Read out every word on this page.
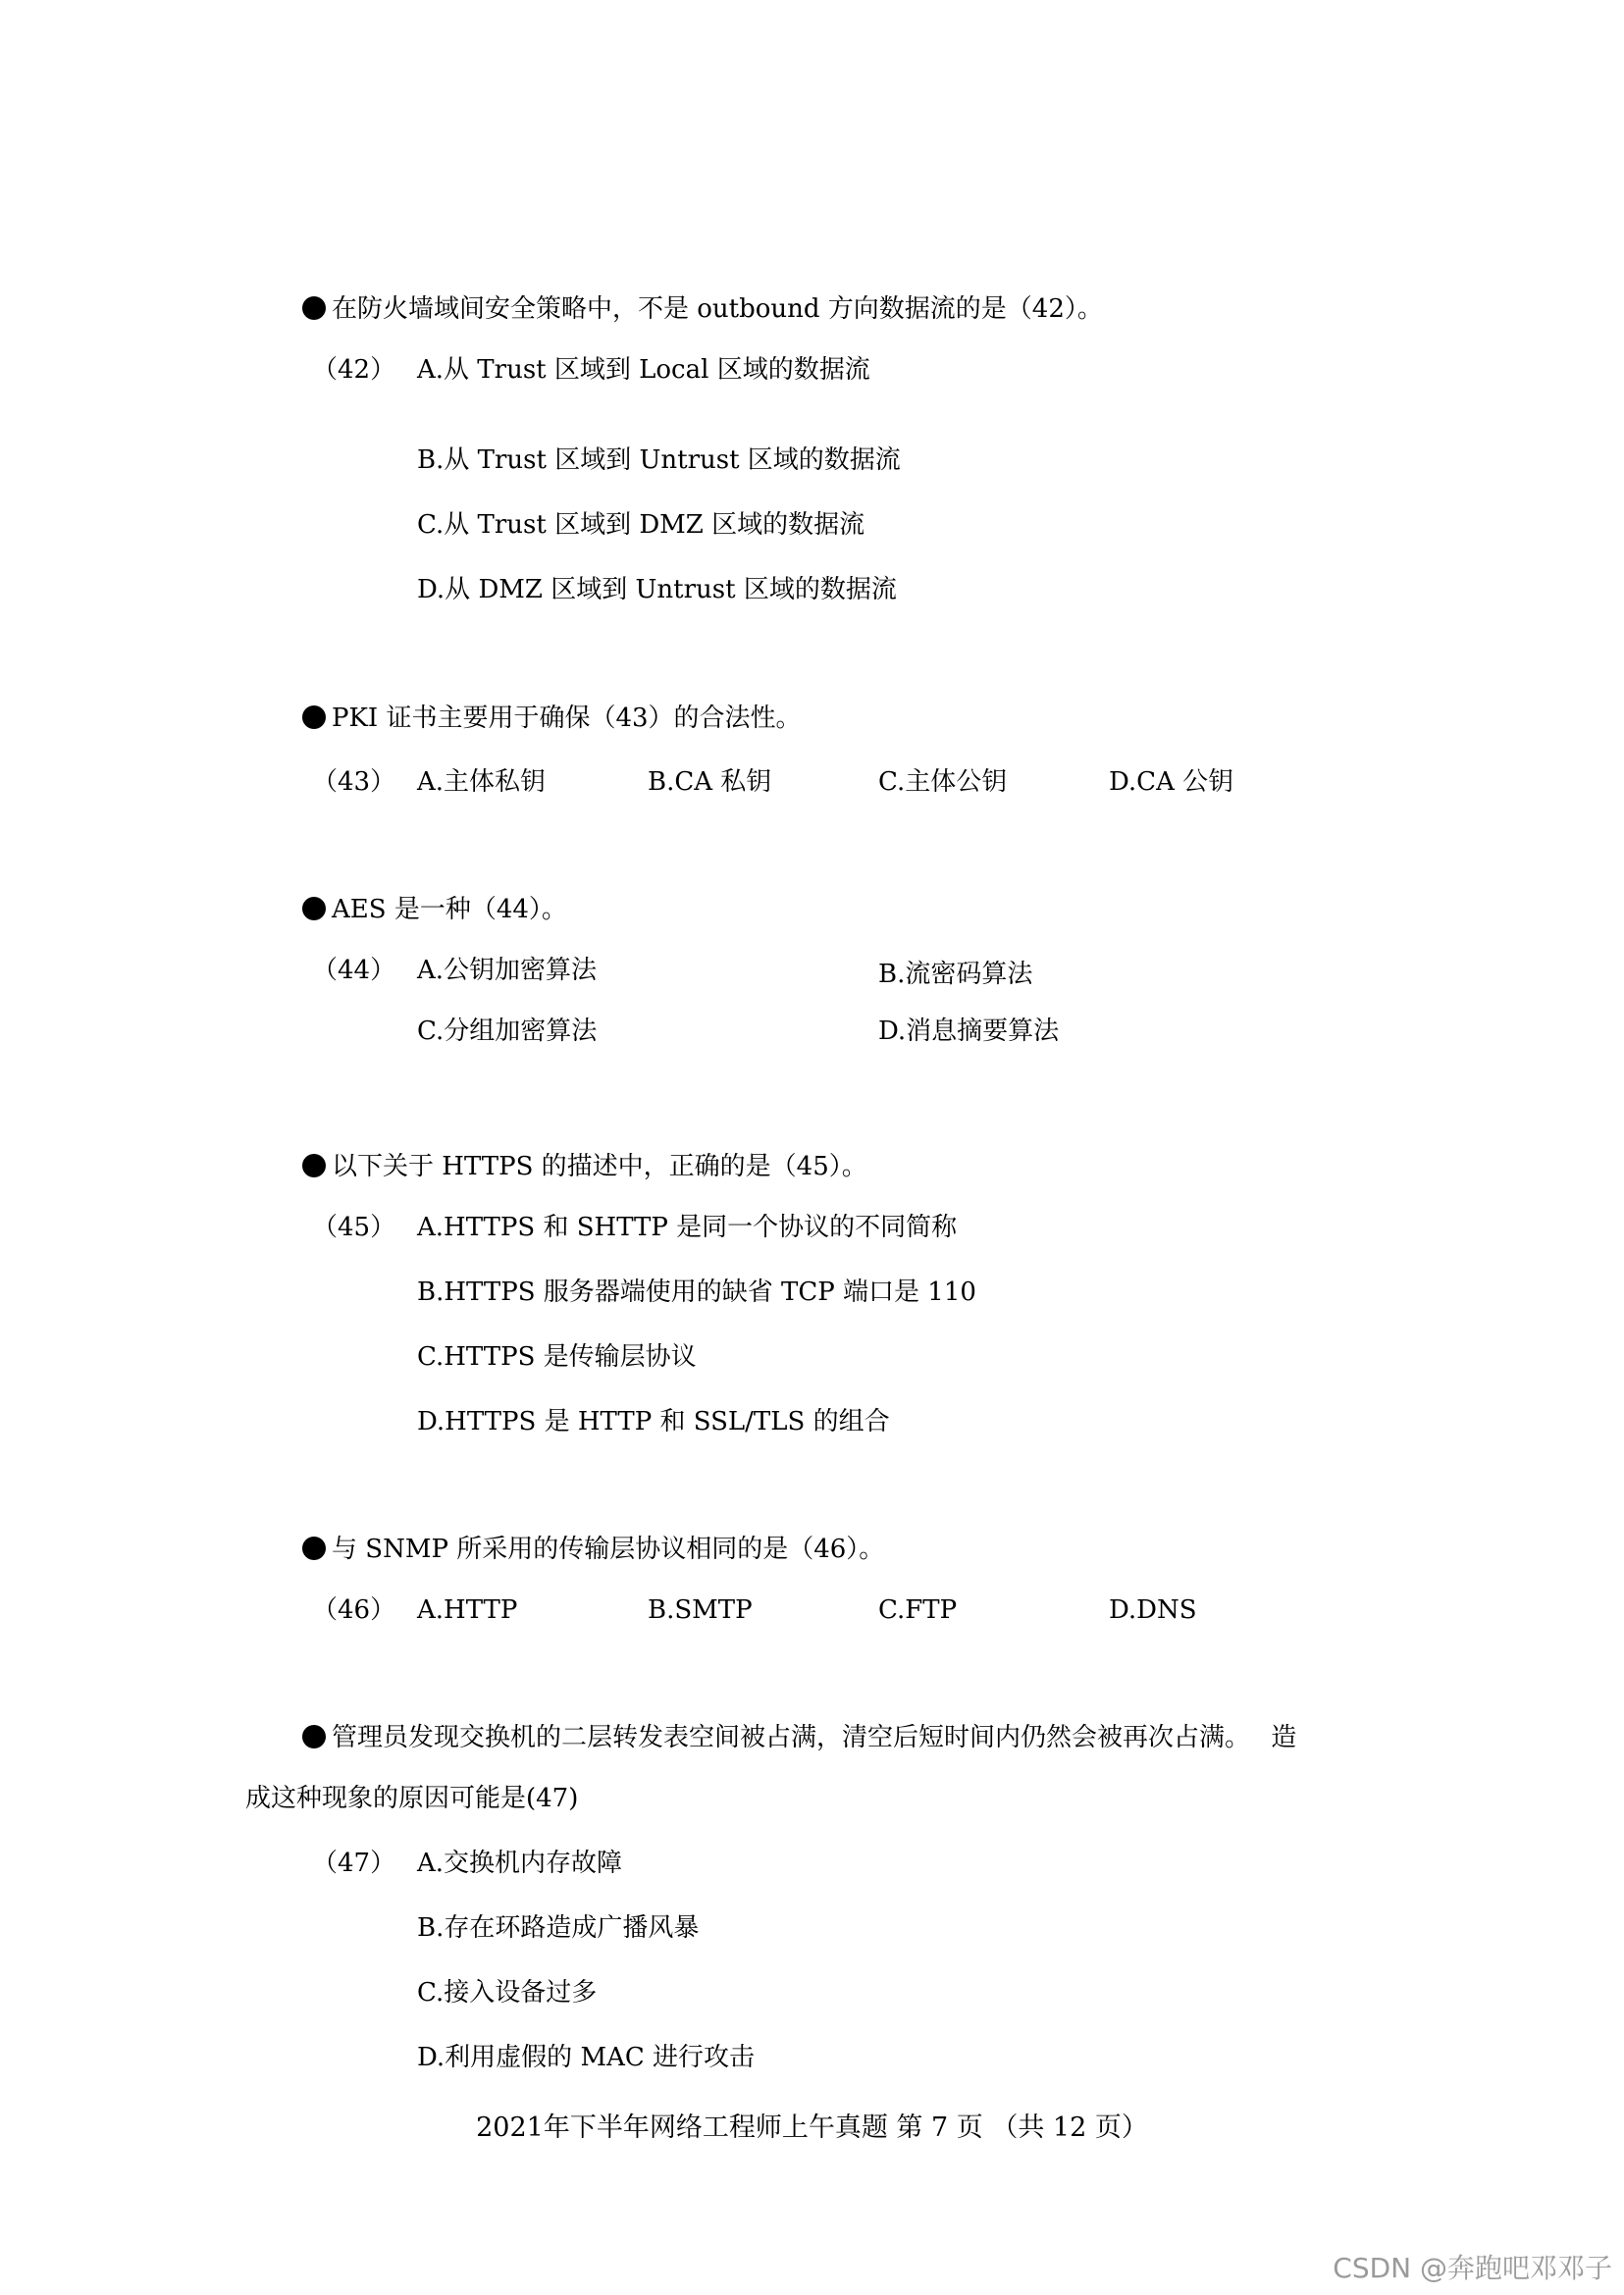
在防火墙域间安全策略中，不是 outbound 方向数据流的是（42）。
（42） A.从 Trust 区域到 Local 区域的数据流
B.从 Trust 区域到 Untrust 区域的数据流
C.从 Trust 区域到 DMZ 区域的数据流
D.从 DMZ 区域到 Untrust 区域的数据流
PKI 证书主要用于确保（43）的合法性。
（43） A.主体私钥	B.CA 私钥	C.主体公钥	D.CA 公钥
AES 是一种（44）。
（44） A.公钥加密算法	B.流密码算法
C.分组加密算法	D.消息摘要算法
以下关于 HTTPS 的描述中，正确的是（45）。
（45） A.HTTPS 和 SHTTP 是同一个协议的不同简称
B.HTTPS 服务器端使用的缺省 TCP 端口是 110
C.HTTPS 是传输层协议
D.HTTPS 是 HTTP 和 SSL/TLS 的组合
与 SNMP 所采用的传输层协议相同的是（46）。
（46） A.HTTP	B.SMTP	C.FTP	D.DNS
管理员发现交换机的二层转发表空间被占满，清空后短时间内仍然会被再次占满。　 造
成这种现象的原因可能是(47)
（47） A.交换机内存故障
B.存在环路造成广播风暴
C.接入设备过多
D.利用虚假的 MAC 进行攻击
2021年下半年网络工程师上午真题 第 7 页 （共 12 页）
CSDN @奔跑吧邓邓子
